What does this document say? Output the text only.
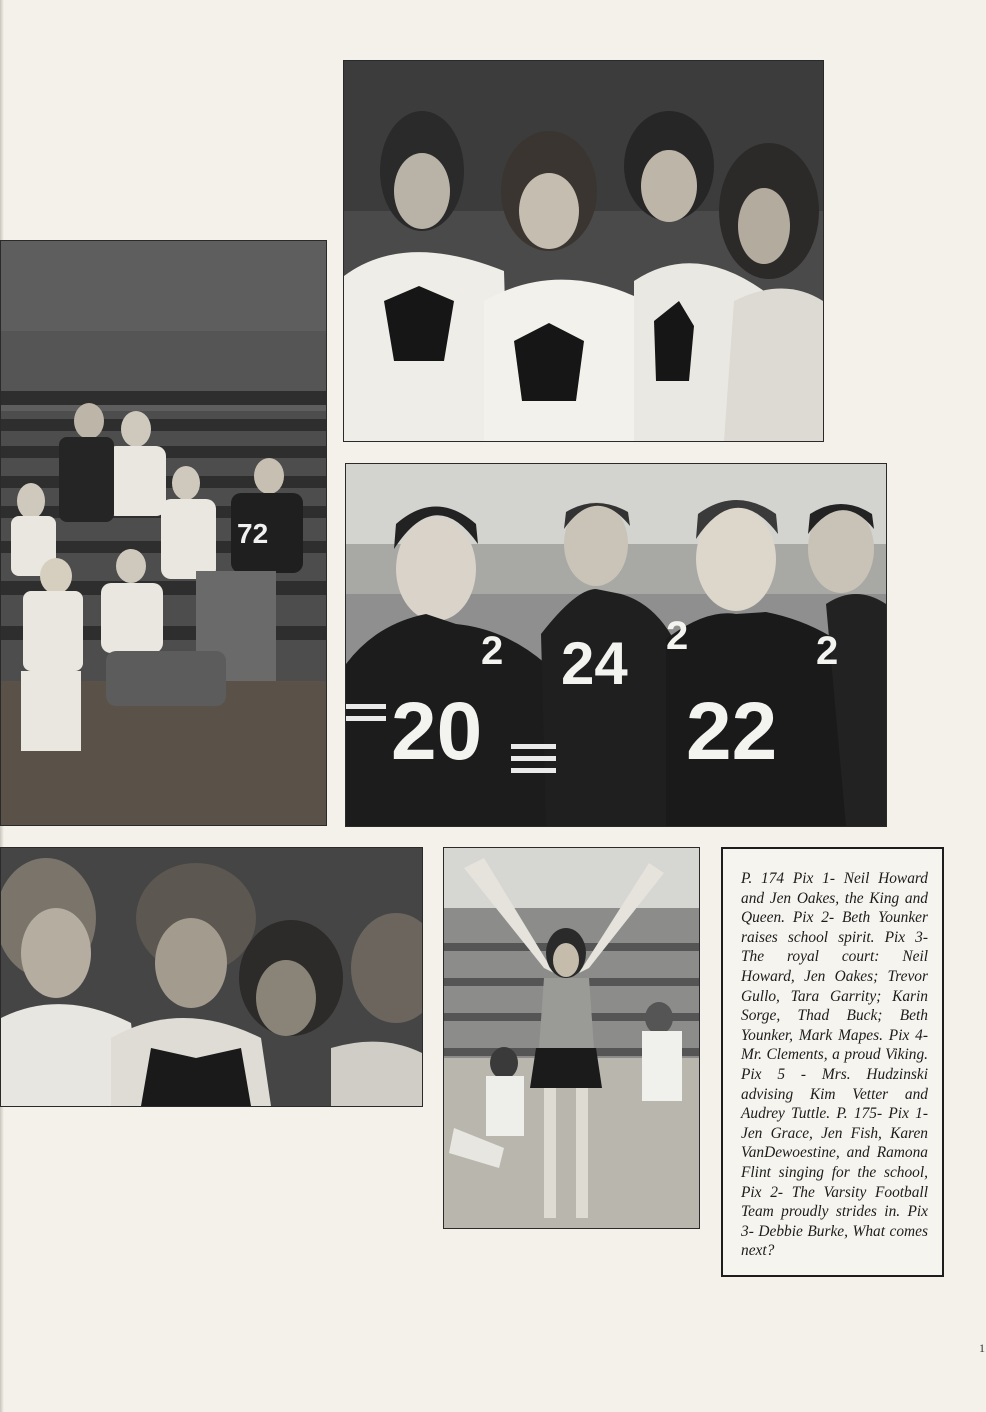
72
20
24
22
2	2	2

P. 174 Pix 1- Neil Howard and Jen Oakes, the King and Queen. Pix 2- Beth Younker raises school spirit. Pix 3- The royal court: Neil Howard, Jen Oakes; Trevor Gullo, Tara Garrity; Karin Sorge, Thad Buck; Beth Younker, Mark Mapes. Pix 4- Mr. Clements, a proud Viking. Pix 5 - Mrs. Hudzinski advising Kim Vetter and Audrey Tuttle. P. 175- Pix 1- Jen Grace, Jen Fish, Karen VanDewoestine, and Ramona Flint singing for the school, Pix 2- The Varsity Football Team proudly strides in. Pix 3- Debbie Burke, What comes next?

1
